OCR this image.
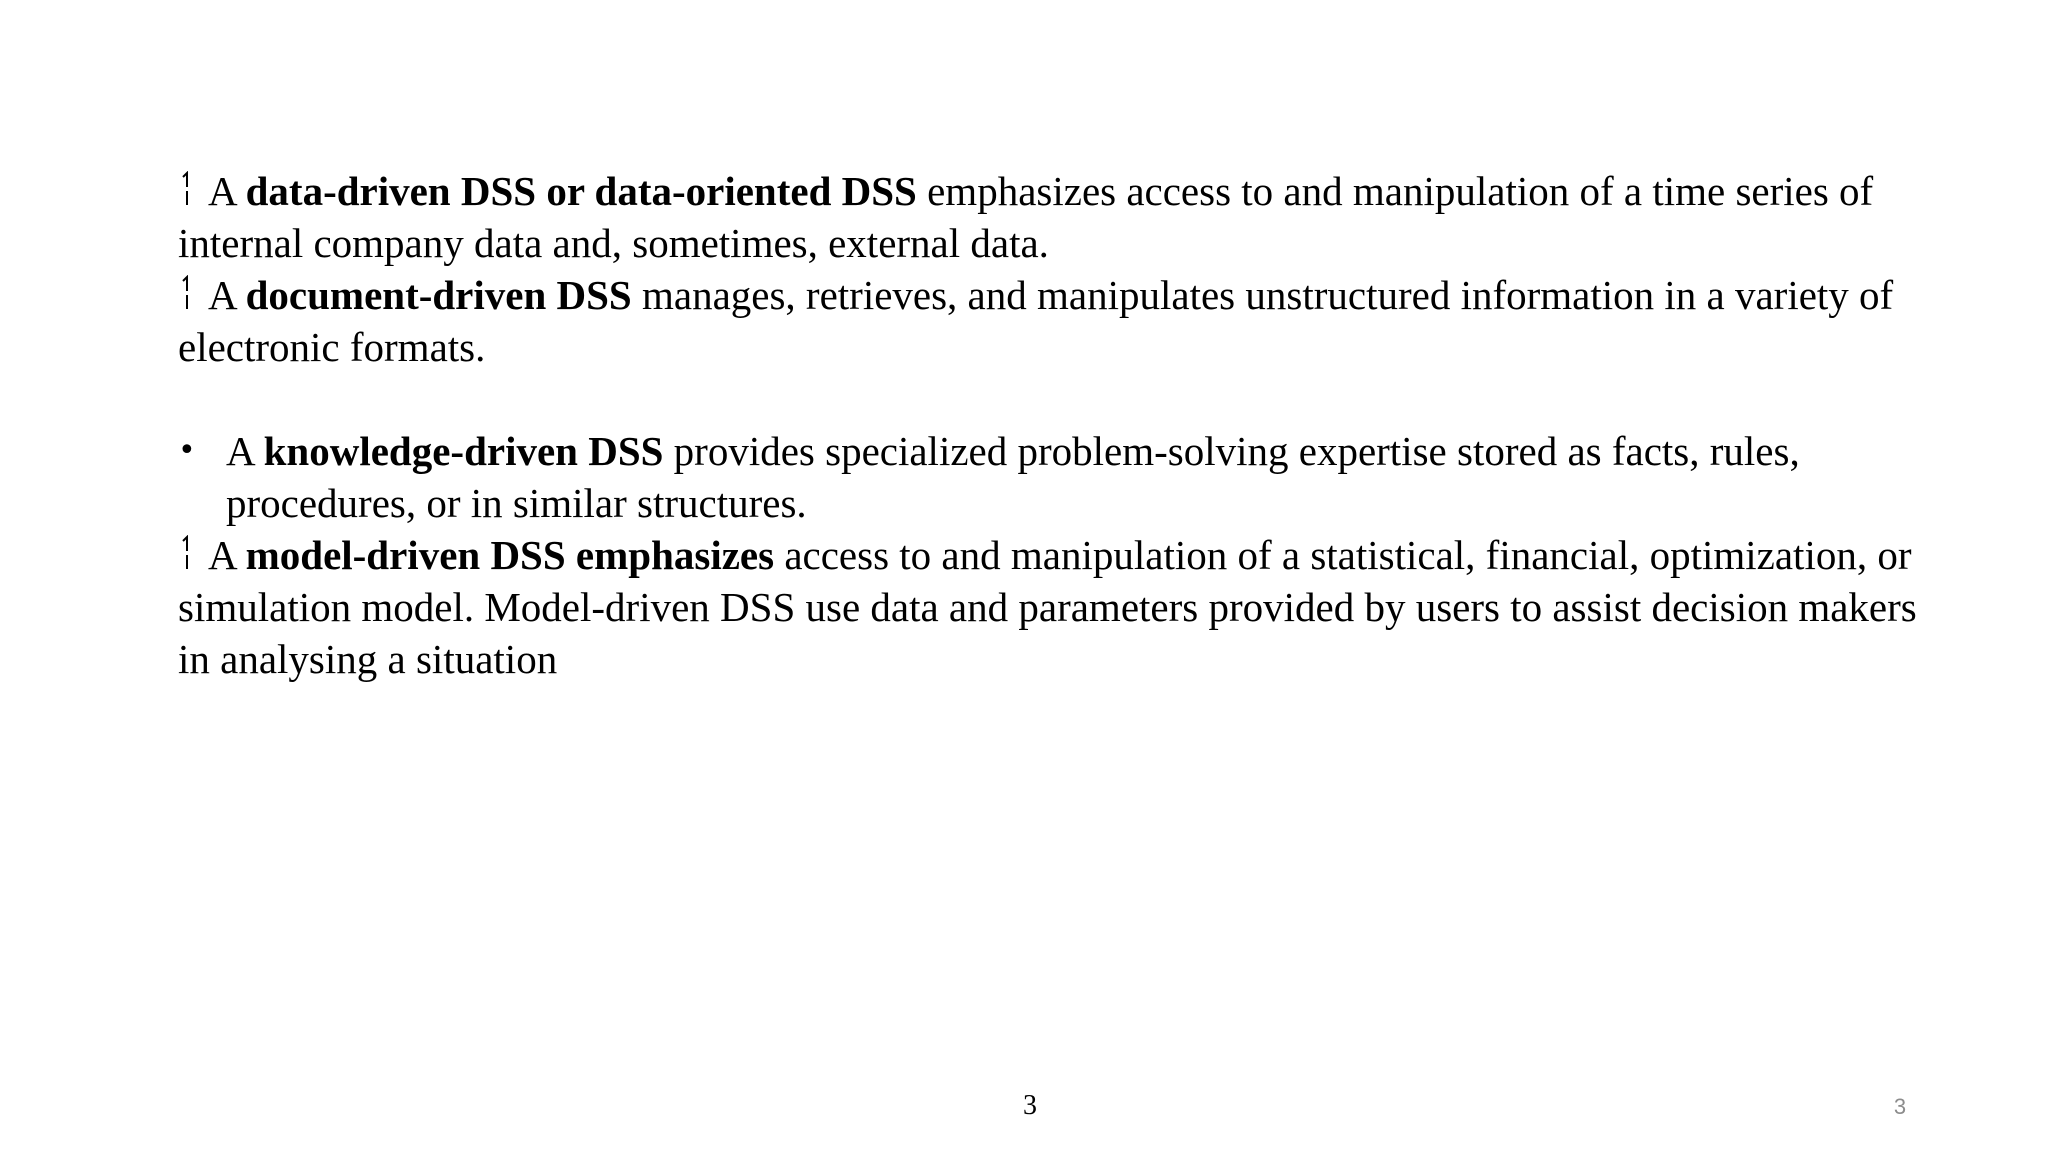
A data-driven DSS or data-oriented DSS emphasizes access to and manipulation of a time series of internal company data and, sometimes, external data.

A document-driven DSS manages, retrieves, and manipulates unstructured information in a variety of electronic formats.

• A knowledge-driven DSS provides specialized problem-solving expertise stored as facts, rules, procedures, or in similar structures.

A model-driven DSS emphasizes access to and manipulation of a statistical, financial, optimization, or simulation model. Model-driven DSS use data and parameters provided by users to assist decision makers in analysing a situation

3	3
